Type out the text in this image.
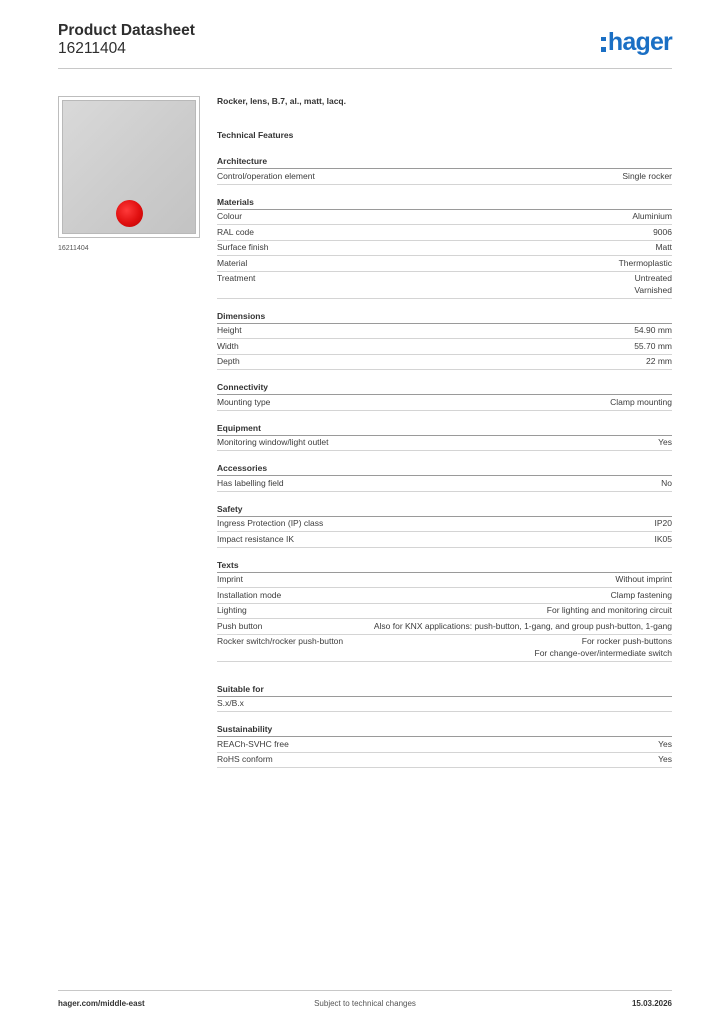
Product Datasheet
16211404	hager
16211404
Rocker, lens, B.7, al., matt, lacq.
Technical Features
Architecture
Control/operation element	Single rocker
Materials
Colour	Aluminium
RAL code	9006
Surface finish	Matt
Material	Thermoplastic
Treatment	Untreated
Varnished
Dimensions
Height	54.90 mm
Width	55.70 mm
Depth	22 mm
Connectivity
Mounting type	Clamp mounting
Equipment
Monitoring window/light outlet	Yes
Accessories
Has labelling field	No
Safety
Ingress Protection (IP) class	IP20
Impact resistance IK	IK05
Texts
Imprint	Without imprint
Installation mode	Clamp fastening
Lighting	For lighting and monitoring circuit
Push button	Also for KNX applications: push-button, 1-gang, and group push-button, 1-gang
Rocker switch/rocker push-button	For rocker push-buttons
For change-over/intermediate switch
Suitable for
S.x/B.x
Sustainability
REACh-SVHC free	Yes
RoHS conform	Yes
hager.com/middle-east	Subject to technical changes	15.03.2026
